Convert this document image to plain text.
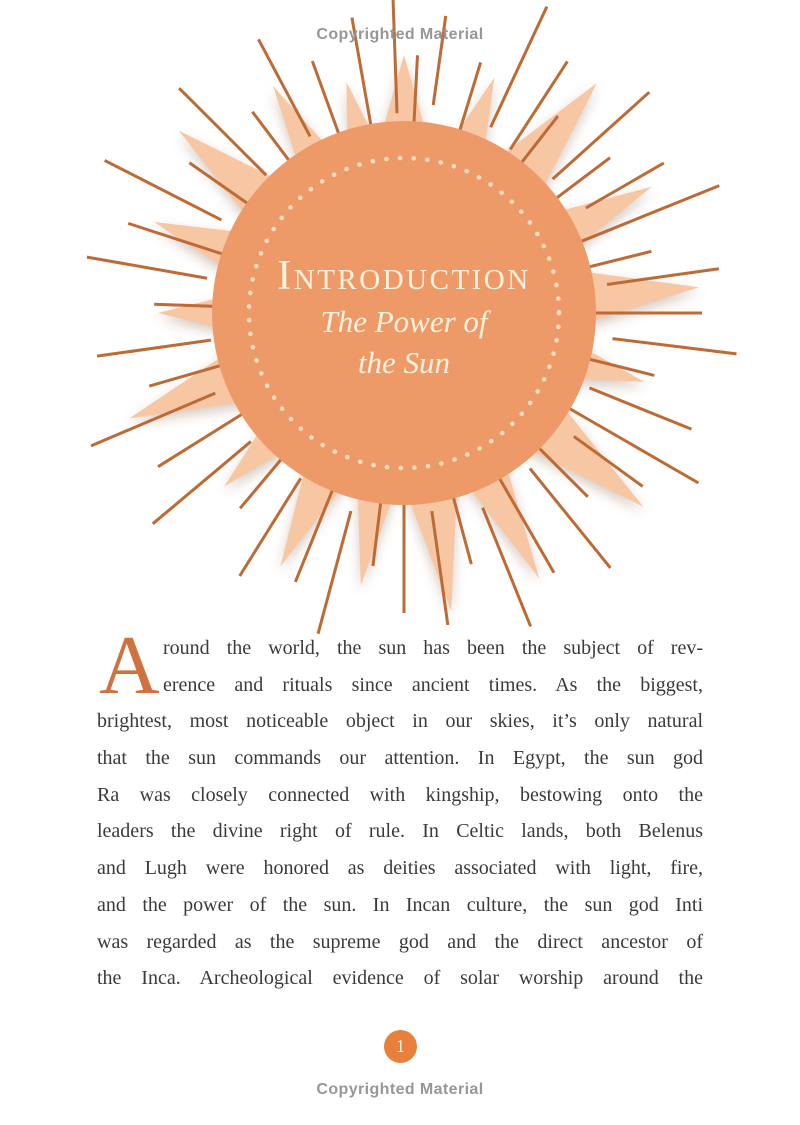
Copyrighted Material
Introduction
The Power of
the Sun
A round the world, the sun has been the subject of rev-
erence and rituals since ancient times. As the biggest,
brightest, most noticeable object in our skies, it’s only natural
that the sun commands our attention. In Egypt, the sun god
Ra was closely connected with kingship, bestowing onto the
leaders the divine right of rule. In Celtic lands, both Belenus
and Lugh were honored as deities associated with light, fire,
and the power of the sun. In Incan culture, the sun god Inti
was regarded as the supreme god and the direct ancestor of
the Inca. Archeological evidence of solar worship around the
1
Copyrighted Material
